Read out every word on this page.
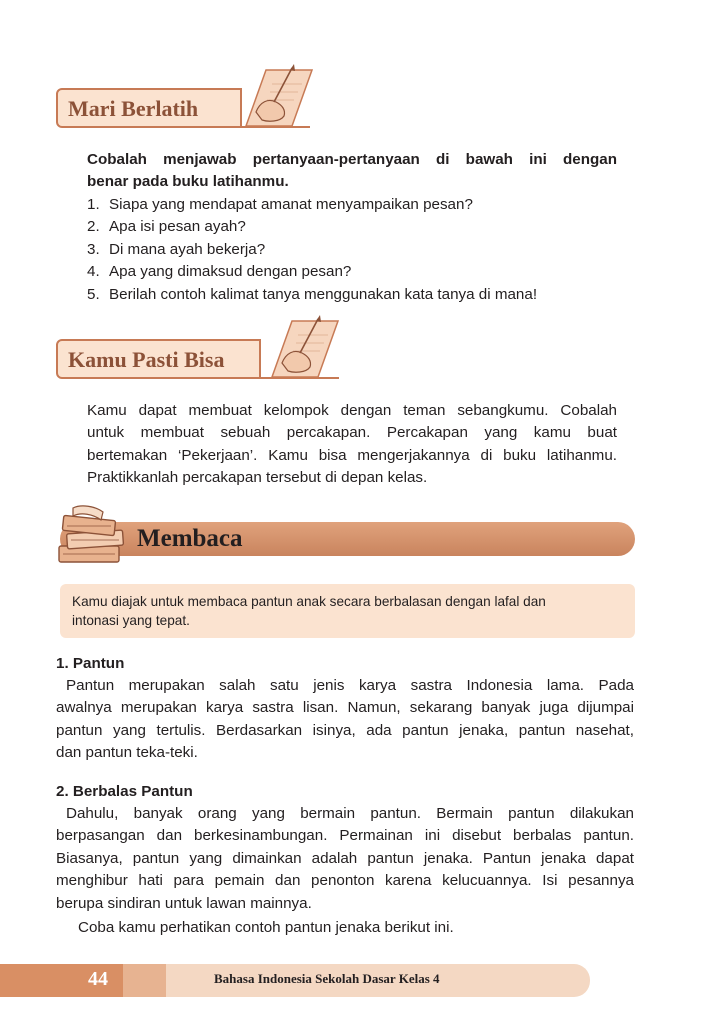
Mari Berlatih
Cobalah menjawab pertanyaan-pertanyaan di bawah ini dengan
benar pada buku latihanmu.
1. Siapa yang mendapat amanat menyampaikan pesan?
2. Apa isi pesan ayah?
3. Di mana ayah bekerja?
4. Apa yang dimaksud dengan pesan?
5. Berilah contoh kalimat tanya menggunakan kata tanya di mana!
Kamu Pasti Bisa
Kamu dapat membuat kelompok dengan teman sebangkumu. Cobalah
untuk membuat sebuah percakapan. Percakapan yang kamu buat
bertemakan ‘Pekerjaan’. Kamu bisa mengerjakannya di buku latihanmu.
Praktikkanlah percakapan tersebut di depan kelas.
Membaca
Kamu diajak untuk membaca pantun anak secara berbalasan dengan lafal dan
intonasi yang tepat.
1. Pantun
Pantun merupakan salah satu jenis karya sastra Indonesia lama. Pada
awalnya merupakan karya sastra lisan. Namun, sekarang banyak juga dijumpai
pantun yang tertulis. Berdasarkan isinya, ada pantun jenaka, pantun nasehat,
dan pantun teka-teki.
2. Berbalas Pantun
Dahulu, banyak orang yang bermain pantun. Bermain pantun dilakukan
berpasangan dan berkesinambungan. Permainan ini disebut berbalas pantun.
Biasanya, pantun yang dimainkan adalah pantun jenaka. Pantun jenaka dapat
menghibur hati para pemain dan penonton karena kelucuannya. Isi pesannya
berupa sindiran untuk lawan mainnya.
Coba kamu perhatikan contoh pantun jenaka berikut ini.
44	Bahasa Indonesia Sekolah Dasar Kelas 4
